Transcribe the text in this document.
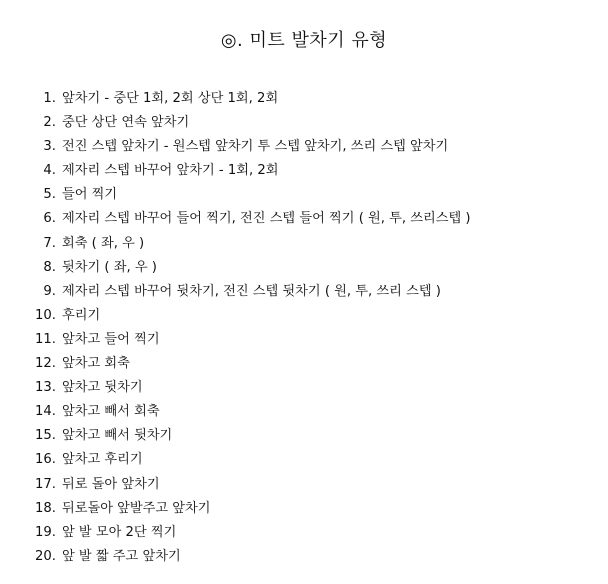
◎. 미트 발차기 유형
1. 앞차기 - 중단 1회, 2회 상단 1회, 2회
2. 중단 상단 연속 앞차기
3. 전진 스텝 앞차기 - 원스텝 앞차기 투 스텝 앞차기, 쓰리 스텝 앞차기
4. 제자리 스텝 바꾸어 앞차기 - 1회, 2회
5. 들어 찍기
6. 제자리 스텝 바꾸어 들어 찍기, 전진 스텝 들어 찍기 ( 원, 투, 쓰리스텝 )
7. 회축 ( 좌, 우 )
8. 뒷차기 ( 좌, 우 )
9. 제자리 스텝 바꾸어 뒷차기, 전진 스텝 뒷차기 ( 원, 투, 쓰리 스텝 )
10. 후리기
11. 앞차고 들어 찍기
12. 앞차고 회축
13. 앞차고 뒷차기
14. 앞차고 빼서 회축
15. 앞차고 빼서 뒷차기
16. 앞차고 후리기
17. 뒤로 돌아 앞차기
18. 뒤로돌아 앞발주고 앞차기
19. 앞 발 모아 2단 찍기
20. 앞 발 짧 주고 앞차기
